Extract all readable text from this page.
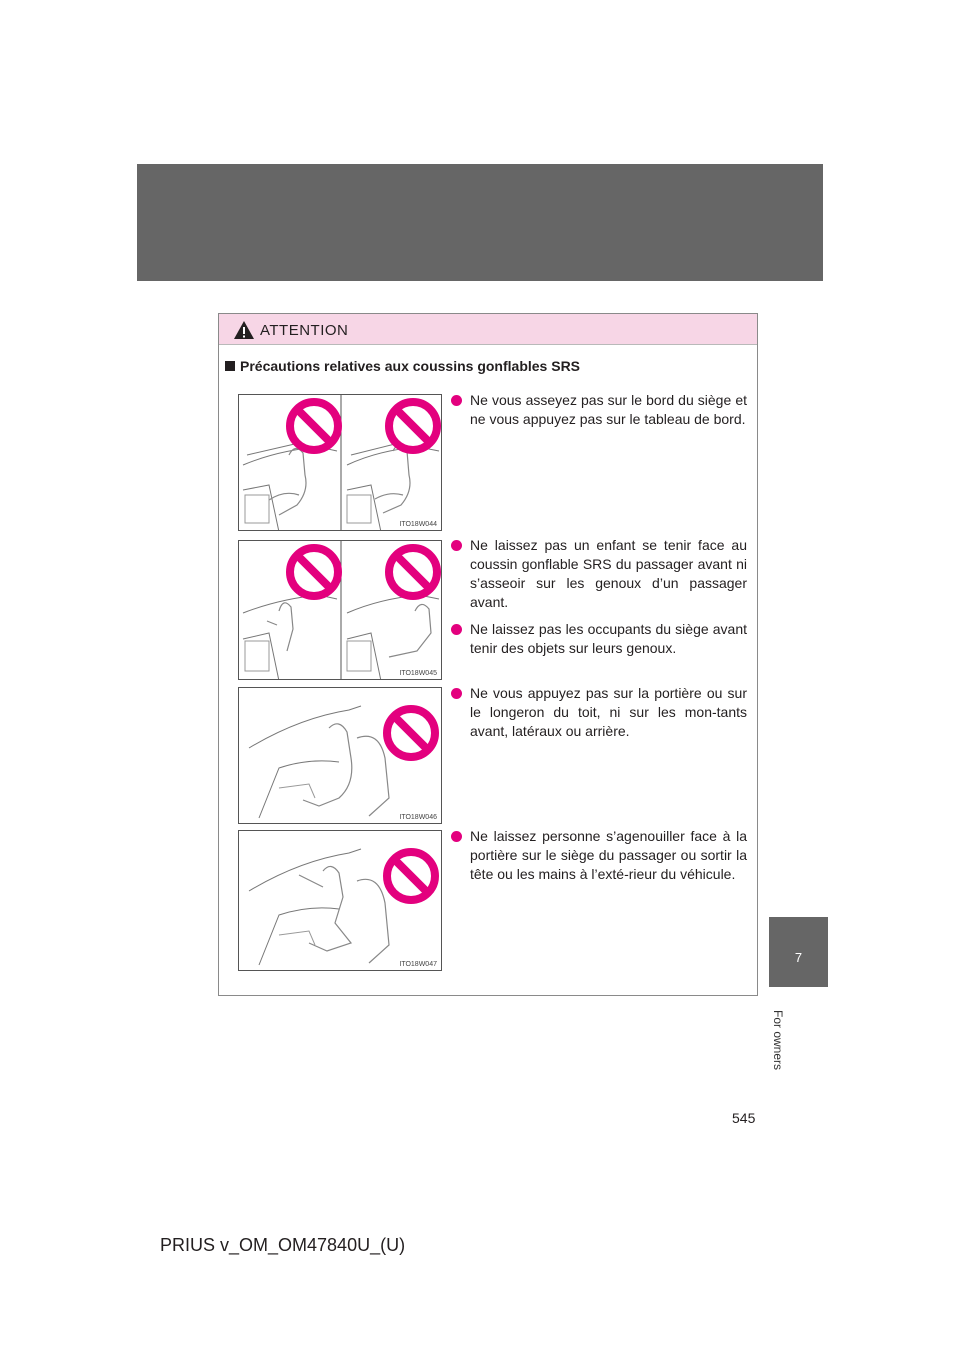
7
For owners
ATTENTION
Précautions relatives aux coussins gonflables SRS
ITO18W044
Ne vous asseyez pas sur le bord du siège et ne vous appuyez pas sur le tableau de bord.
ITO18W045
Ne laissez pas un enfant se tenir face au coussin gonflable SRS du passager avant ni s’asseoir sur les genoux d’un passager avant.
Ne laissez pas les occupants du siège avant tenir des objets sur leurs genoux.
ITO18W046
Ne vous appuyez pas sur la portière ou sur le longeron du toit, ni sur les mon-tants avant, latéraux ou arrière.
ITO18W047
Ne laissez personne s’agenouiller face à la portière sur le siège du passager ou sortir la tête ou les mains à l’exté-rieur du véhicule.
545
PRIUS v_OM_OM47840U_(U)
